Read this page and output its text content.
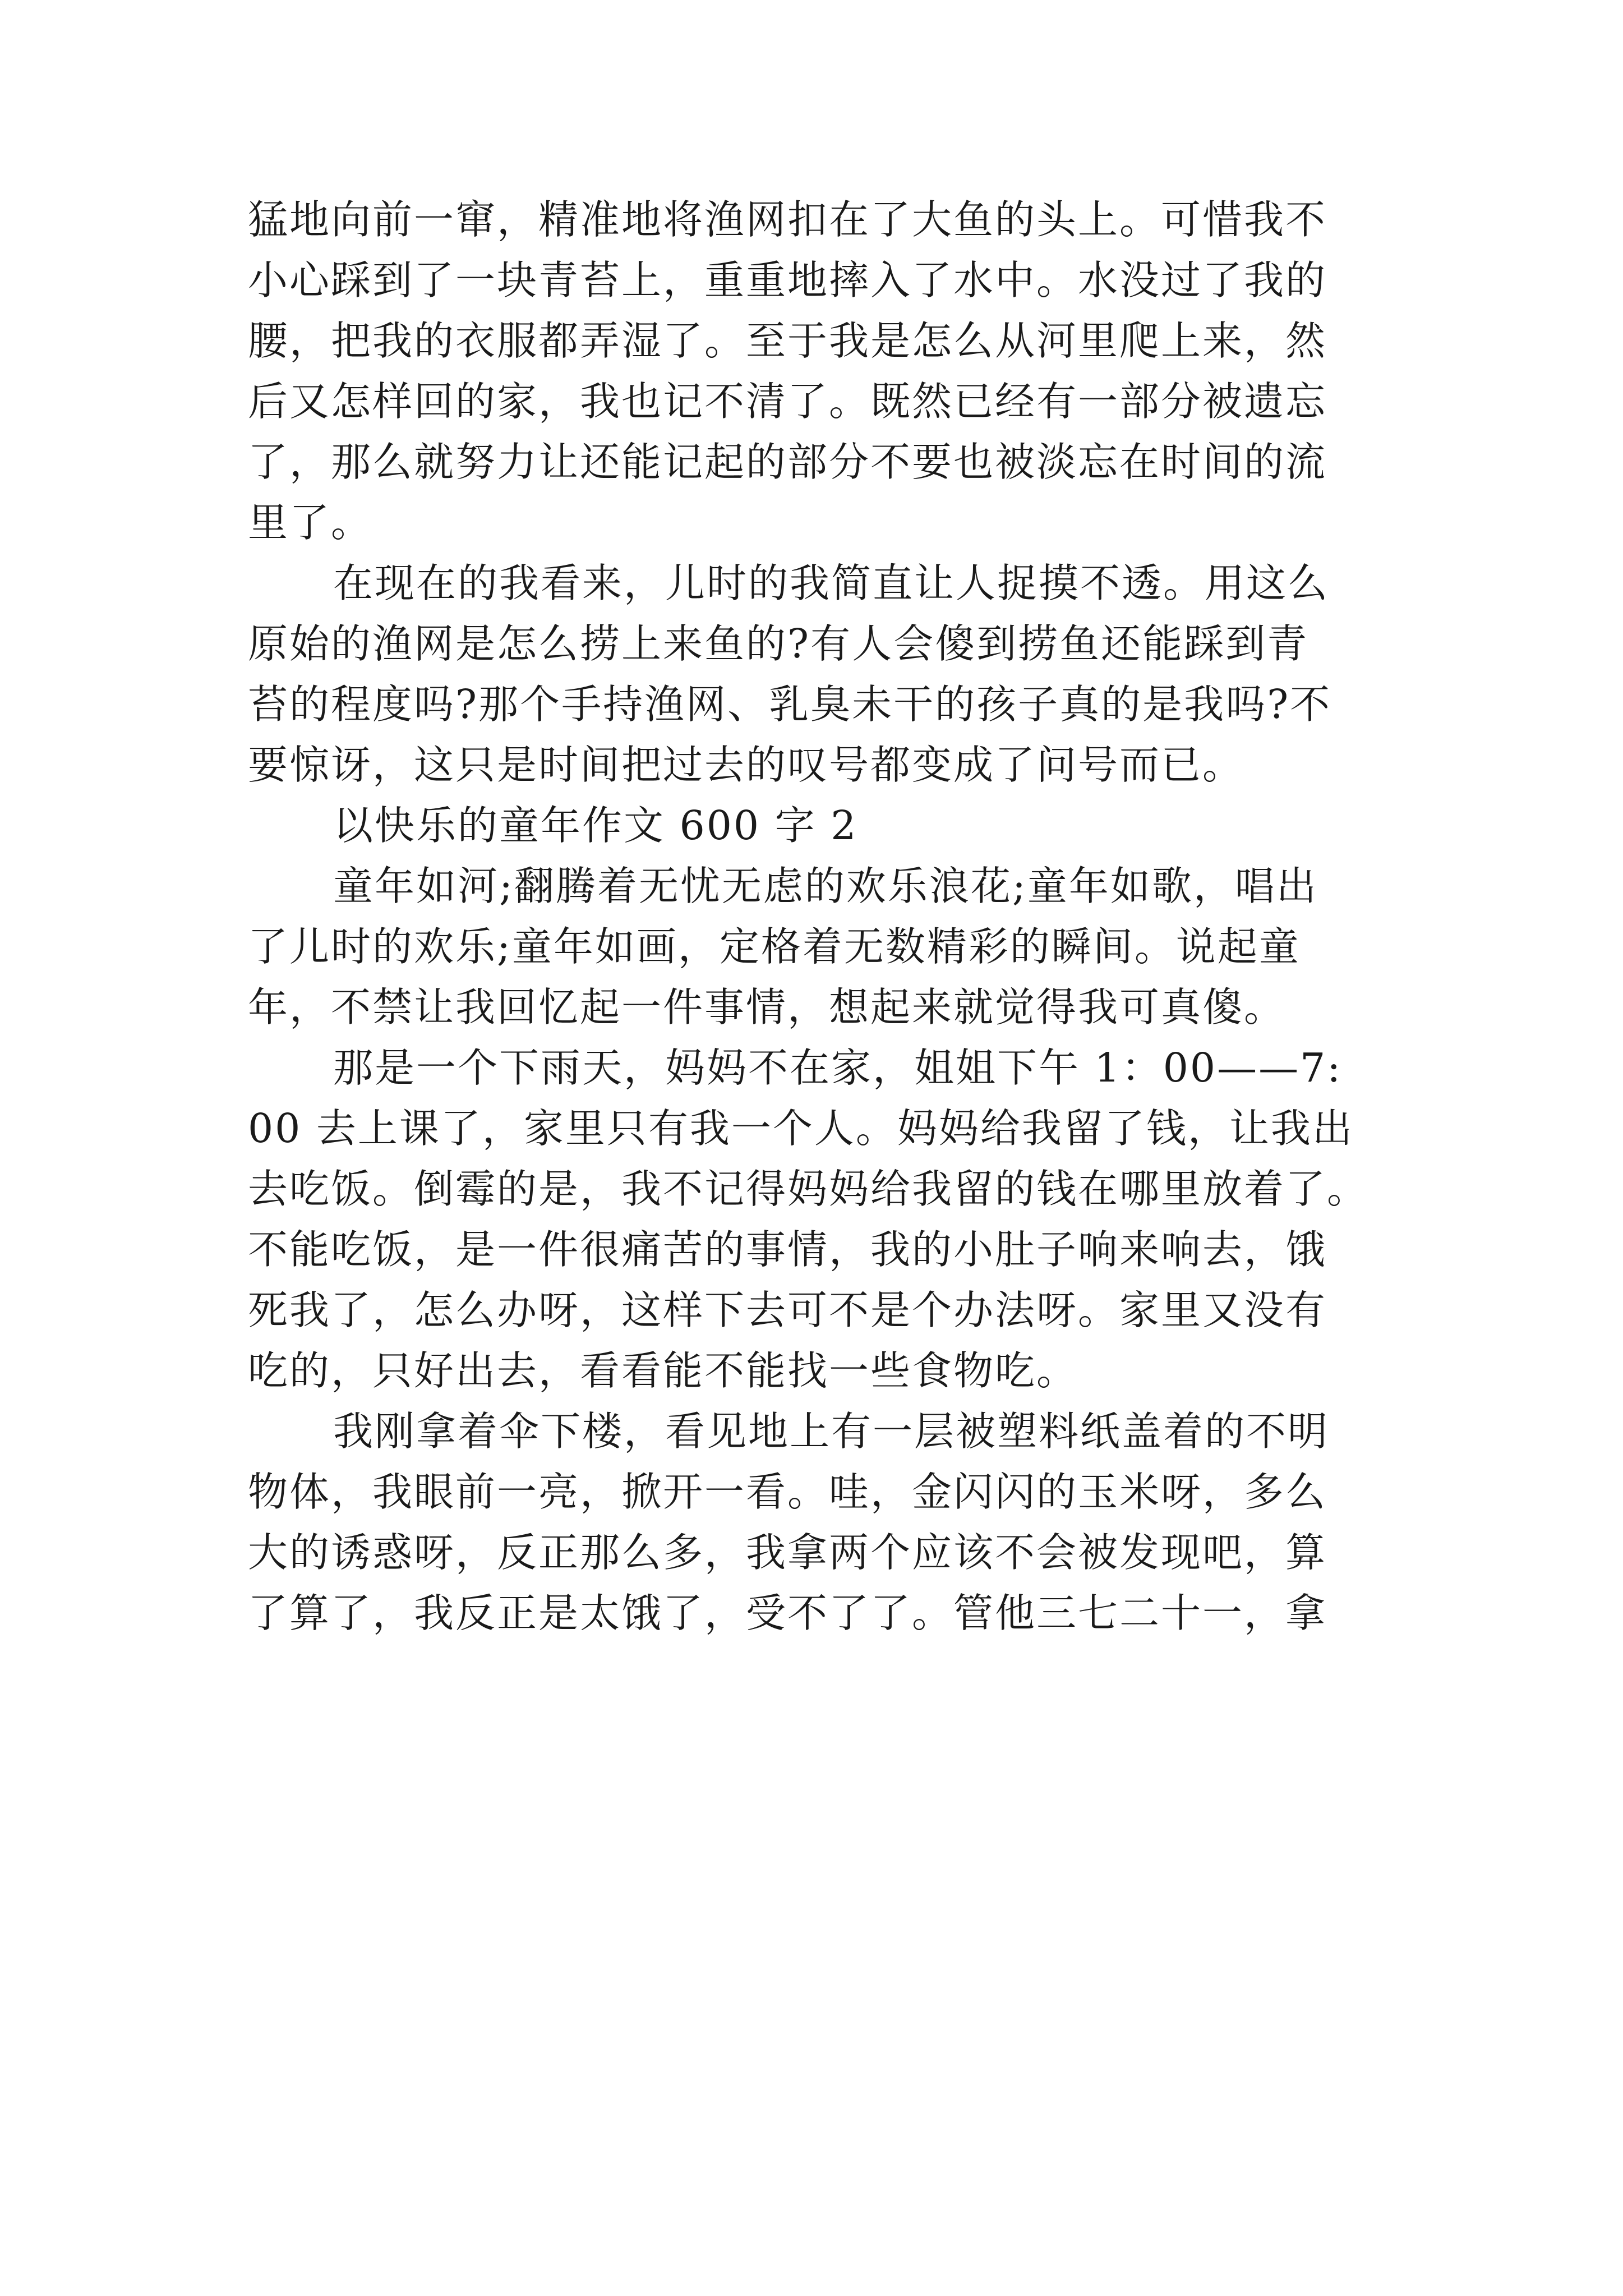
猛地向前一窜，精准地将渔网扣在了大鱼的头上。可惜我不
小心踩到了一块青苔上，重重地摔入了水中。水没过了我的
腰，把我的衣服都弄湿了。至于我是怎么从河里爬上来，然
后又怎样回的家，我也记不清了。既然已经有一部分被遗忘
了，那么就努力让还能记起的部分不要也被淡忘在时间的流
里了。
在现在的我看来，儿时的我简直让人捉摸不透。用这么
原始的渔网是怎么捞上来鱼的?有人会傻到捞鱼还能踩到青
苔的程度吗?那个手持渔网、乳臭未干的孩子真的是我吗?不
要惊讶，这只是时间把过去的叹号都变成了问号而已。
以快乐的童年作文 600 字 2
童年如河;翻腾着无忧无虑的欢乐浪花;童年如歌，唱出
了儿时的欢乐;童年如画，定格着无数精彩的瞬间。说起童
年，不禁让我回忆起一件事情，想起来就觉得我可真傻。
那是一个下雨天，妈妈不在家，姐姐下午 1：00——7:
00 去上课了，家里只有我一个人。妈妈给我留了钱，让我出
去吃饭。倒霉的是，我不记得妈妈给我留的钱在哪里放着了。
不能吃饭，是一件很痛苦的事情，我的小肚子响来响去，饿
死我了，怎么办呀，这样下去可不是个办法呀。家里又没有
吃的，只好出去，看看能不能找一些食物吃。
我刚拿着伞下楼，看见地上有一层被塑料纸盖着的不明
物体，我眼前一亮，掀开一看。哇，金闪闪的玉米呀，多么
大的诱惑呀，反正那么多，我拿两个应该不会被发现吧，算
了算了，我反正是太饿了，受不了了。管他三七二十一，拿
